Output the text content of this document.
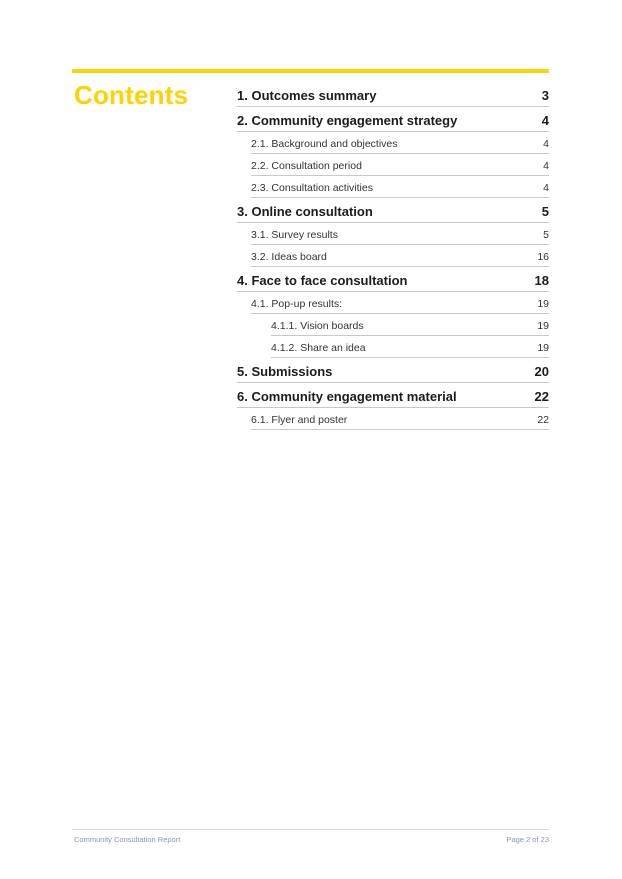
Contents	1. Outcomes summary	3
2. Community engagement strategy	4
2.1. Background and objectives	4
2.2. Consultation period	4
2.3. Consultation activities	4
3. Online consultation	5
3.1. Survey results	5
3.2. Ideas board	16
4. Face to face consultation	18
4.1. Pop-up results:	19
4.1.1. Vision boards	19
4.1.2. Share an idea	19
5. Submissions	20
6. Community engagement material	22
6.1. Flyer and poster	22
Community Consultation Report	Page 2 of 23
